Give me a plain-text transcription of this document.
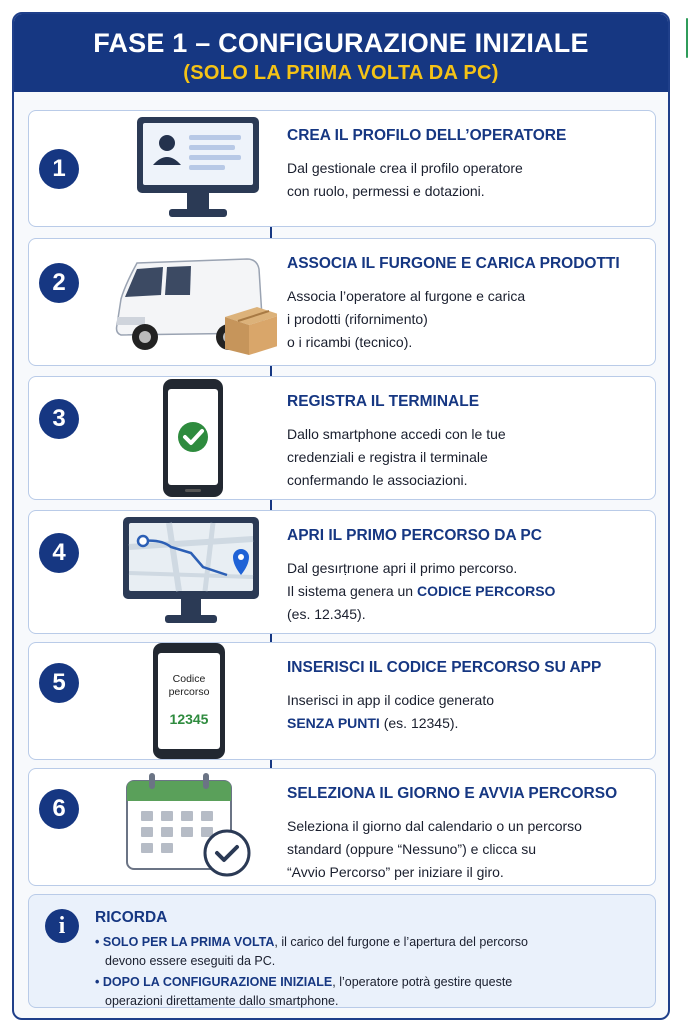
FASE 1 – CONFIGURAZIONE INIZIALE
(SOLO LA PRIMA VOLTA DA PC)
1
CREA IL PROFILO DELL’OPERATORE
Dal gestionale crea il profilo operatore
con ruolo, permessi e dotazioni.
2
ASSOCIA IL FURGONE E CARICA PRODOTTI
Associa l’operatore al furgone e carica
i prodotti (rifornimento)
o i ricambi (tecnico).
3
REGISTRA IL TERMINALE
Dallo smartphone accedi con le tue
credenziali e registra il terminale
confermando le associazioni.
4
APRI IL PRIMO PERCORSO DA PC
Dal gesırṭrıone apri il primo percorso.
Il sistema genera un CODICE PERCORSO
(es. 12.345).
5	Codice
percorso
12345
INSERISCI IL CODICE PERCORSO SU APP
Inserisci in app il codice generato
SENZA PUNTI (es. 12345).
6
SELEZIONA IL GIORNO E AVVIA PERCORSO
Seleziona il giorno dal calendario o un percorso
standard (oppure “Nessuno”) e clicca su
“Avvio Percorso” per iniziare il giro.
i	RICORDA
• SOLO PER LA PRIMA VOLTA, il carico del furgone e l’apertura del percorso
devono essere eseguiti da PC.
• DOPO LA CONFIGURAZIONE INIZIALE, l’operatore potrà gestire queste
operazioni direttamente dallo smartphone.
